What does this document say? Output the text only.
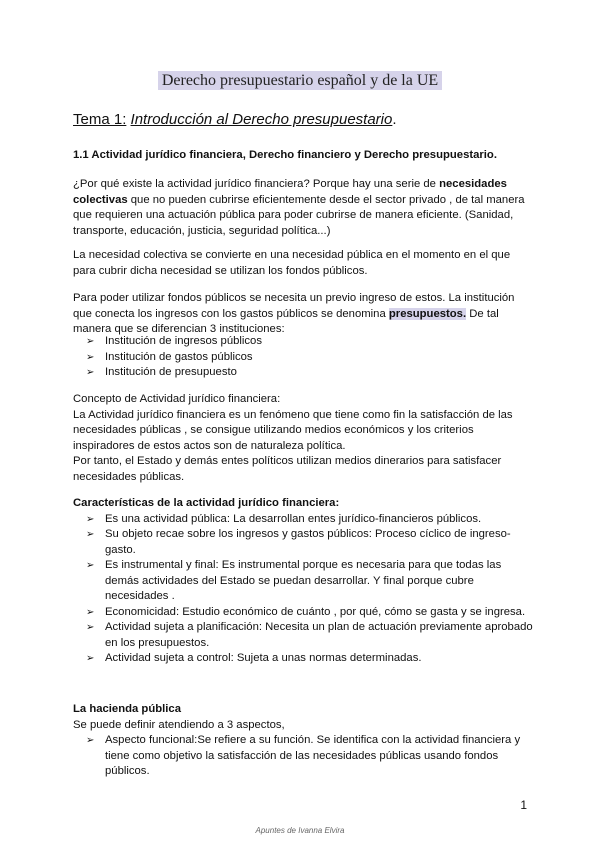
Derecho presupuestario español y de la UE
Tema 1: Introducción al Derecho presupuestario.
1.1 Actividad jurídico financiera, Derecho financiero y Derecho presupuestario.
¿Por qué existe la actividad jurídico financiera? Porque hay una serie de necesidades colectivas que no pueden cubrirse eficientemente desde el sector privado , de tal manera que requieren una actuación pública para poder cubrirse de manera eficiente. (Sanidad, transporte, educación, justicia, seguridad política...)
La necesidad colectiva se convierte en una necesidad pública en el momento en el que para cubrir dicha necesidad se utilizan los fondos públicos.
Para poder utilizar fondos públicos se necesita un previo ingreso de estos. La institución que conecta los ingresos con los gastos públicos se denomina presupuestos. De tal manera que se diferencian 3 instituciones:
➢ Institución de ingresos públicos
➢ Institución de gastos públicos
➢ Institución de presupuesto
Concepto de Actividad jurídico financiera:
La Actividad jurídico financiera es un fenómeno que tiene como fin la satisfacción de las necesidades públicas , se consigue utilizando medios económicos y los criterios inspiradores de estos actos son de naturaleza política.
Por tanto, el Estado y demás entes políticos utilizan medios dinerarios para satisfacer necesidades públicas.
Características de la actividad jurídico financiera:
➢ Es una actividad pública: La desarrollan entes jurídico-financieros públicos.
➢ Su objeto recae sobre los ingresos y gastos públicos: Proceso cíclico de ingreso-gasto.
➢ Es instrumental y final: Es instrumental porque es necesaria para que todas las demás actividades del Estado se puedan desarrollar. Y final porque cubre necesidades .
➢ Economicidad: Estudio económico de cuánto , por qué, cómo se gasta y se ingresa.
➢ Actividad sujeta a planificación: Necesita un plan de actuación previamente aprobado en los presupuestos.
➢ Actividad sujeta a control: Sujeta a unas normas determinadas.
La hacienda pública
Se puede definir atendiendo a 3 aspectos,
➢ Aspecto funcional:Se refiere a su función. Se identifica con la actividad financiera y tiene como objetivo la satisfacción de las necesidades públicas usando fondos públicos.
1
Apuntes de Ivanna Elvira
